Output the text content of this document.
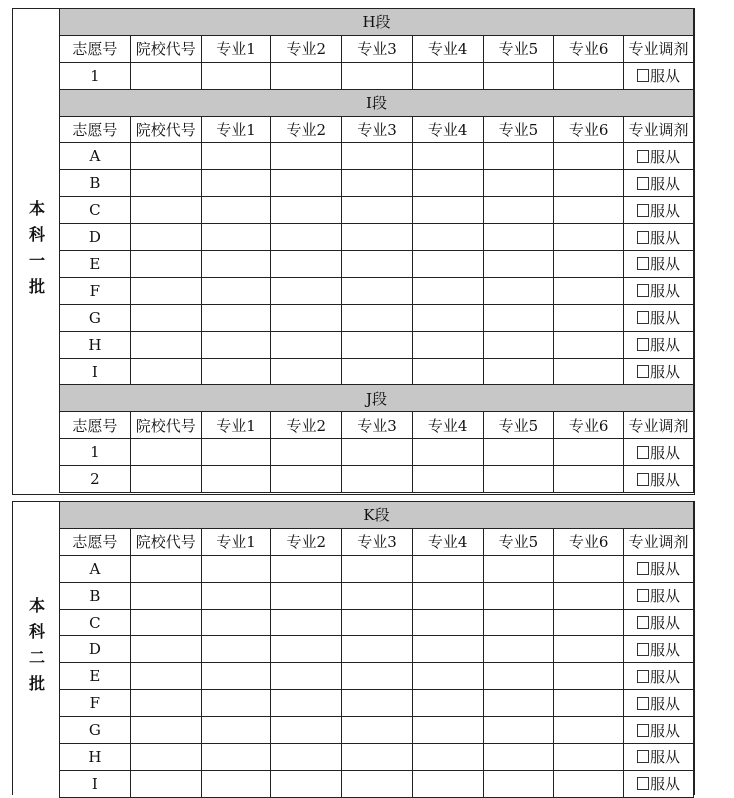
本科一批
H段								
志愿号	院校代号	专业1	专业2	专业3	专业4	专业5	专业6	专业调剂
1								服从
I段								
志愿号	院校代号	专业1	专业2	专业3	专业4	专业5	专业6	专业调剂
A								服从
B								服从
C								服从
D								服从
E								服从
F								服从
G								服从
H								服从
I								服从
J段								
志愿号	院校代号	专业1	专业2	专业3	专业4	专业5	专业6	专业调剂
1								服从
2								服从
本科二批
K段								
志愿号	院校代号	专业1	专业2	专业3	专业4	专业5	专业6	专业调剂
A								服从
B								服从
C								服从
D								服从
E								服从
F								服从
G								服从
H								服从
I								服从
